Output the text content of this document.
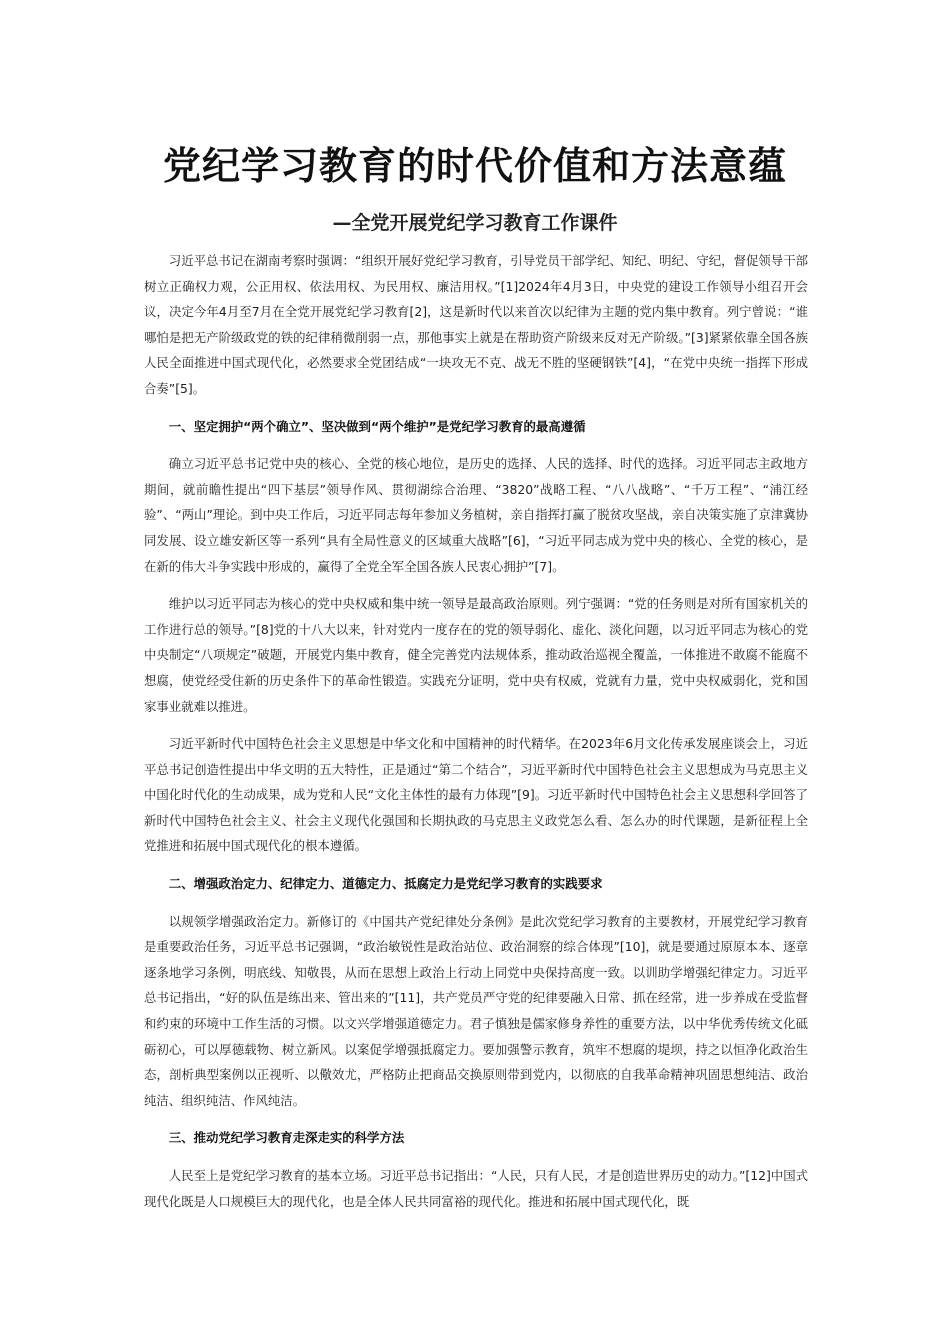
党纪学习教育的时代价值和方法意蕴
—全党开展党纪学习教育工作课件

习近平总书记在湖南考察时强调：“组织开展好党纪学习教育，引导党员干部学纪、知纪、明纪、守纪，督促领导干部树立正确权力观，公正用权、依法用权、为民用权、廉洁用权。”[1]2024年4月3日，中央党的建设工作领导小组召开会议，决定今年4月至7月在全党开展党纪学习教育[2]，这是新时代以来首次以纪律为主题的党内集中教育。列宁曾说：“谁哪怕是把无产阶级政党的铁的纪律稍微削弱一点，那他事实上就是在帮助资产阶级来反对无产阶级。”[3]紧紧依靠全国各族人民全面推进中国式现代化，必然要求全党团结成“一块攻无不克、战无不胜的坚硬钢铁”[4]，“在党中央统一指挥下形成合奏”[5]。

一、坚定拥护“两个确立”、坚决做到“两个维护”是党纪学习教育的最高遵循

确立习近平总书记党中央的核心、全党的核心地位，是历史的选择、人民的选择、时代的选择。习近平同志主政地方期间，就前瞻性提出“四下基层”领导作风、贯彻湖综合治理、“3820”战略工程、“八八战略”、“千万工程”、“浦江经验”、“两山”理论。到中央工作后，习近平同志每年参加义务植树，亲自指挥打赢了脱贫攻坚战，亲自决策实施了京津冀协同发展、设立雄安新区等一系列“具有全局性意义的区域重大战略”[6]，“习近平同志成为党中央的核心、全党的核心，是在新的伟大斗争实践中形成的，赢得了全党全军全国各族人民衷心拥护”[7]。

维护以习近平同志为核心的党中央权威和集中统一领导是最高政治原则。列宁强调：“党的任务则是对所有国家机关的工作进行总的领导。”[8]党的十八大以来，针对党内一度存在的党的领导弱化、虚化、淡化问题，以习近平同志为核心的党中央制定“八项规定”破题，开展党内集中教育，健全完善党内法规体系，推动政治巡视全覆盖，一体推进不敢腐不能腐不想腐，使党经受住新的历史条件下的革命性锻造。实践充分证明，党中央有权威，党就有力量，党中央权威弱化，党和国家事业就难以推进。

习近平新时代中国特色社会主义思想是中华文化和中国精神的时代精华。在2023年6月文化传承发展座谈会上，习近平总书记创造性提出中华文明的五大特性，正是通过“第二个结合”，习近平新时代中国特色社会主义思想成为马克思主义中国化时代化的生动成果，成为党和人民“文化主体性的最有力体现”[9]。习近平新时代中国特色社会主义思想科学回答了新时代中国特色社会主义、社会主义现代化强国和长期执政的马克思主义政党怎么看、怎么办的时代课题，是新征程上全党推进和拓展中国式现代化的根本遵循。

二、增强政治定力、纪律定力、道德定力、抵腐定力是党纪学习教育的实践要求

以规领学增强政治定力。新修订的《中国共产党纪律处分条例》是此次党纪学习教育的主要教材，开展党纪学习教育是重要政治任务，习近平总书记强调，“政治敏锐性是政治站位、政治洞察的综合体现”[10]，就是要通过原原本本、逐章逐条地学习条例，明底线、知敬畏，从而在思想上政治上行动上同党中央保持高度一致。以训助学增强纪律定力。习近平总书记指出，“好的队伍是练出来、管出来的”[11]，共产党员严守党的纪律要融入日常、抓在经常，进一步养成在受监督和约束的环境中工作生活的习惯。以文兴学增强道德定力。君子慎独是儒家修身养性的重要方法，以中华优秀传统文化砥砺初心，可以厚德载物、树立新风。以案促学增强抵腐定力。要加强警示教育，筑牢不想腐的堤坝，持之以恒净化政治生态，剖析典型案例以正视听、以儆效尤，严格防止把商品交换原则带到党内，以彻底的自我革命精神巩固思想纯洁、政治纯洁、组织纯洁、作风纯洁。

三、推动党纪学习教育走深走实的科学方法

人民至上是党纪学习教育的基本立场。习近平总书记指出：“人民，只有人民，才是创造世界历史的动力。”[12]中国式现代化既是人口规模巨大的现代化，也是全体人民共同富裕的现代化。推进和拓展中国式现代化，既
